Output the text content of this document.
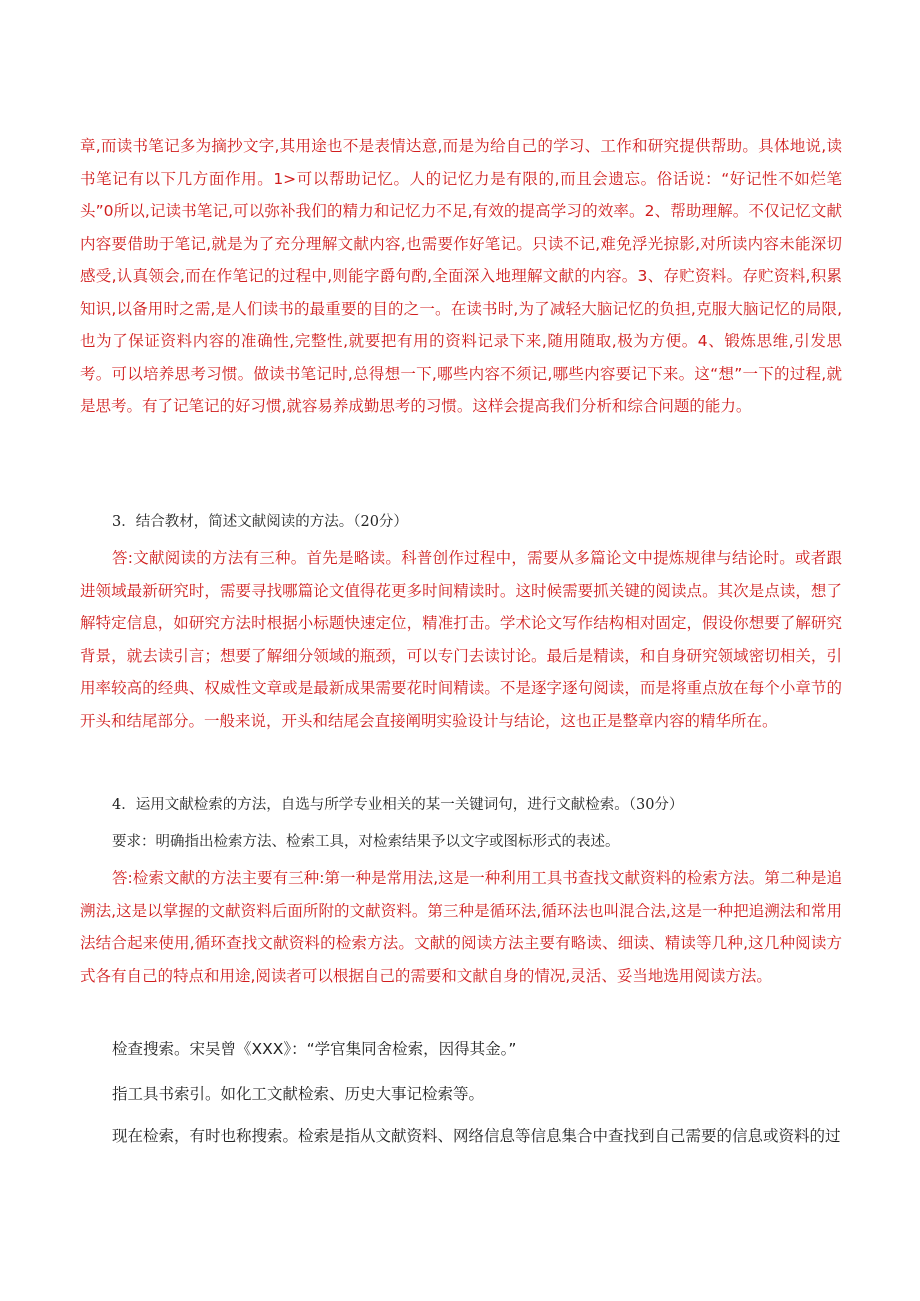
章,而读书笔记多为摘抄文字,其用途也不是表情达意,而是为给自己的学习、工作和研究提供帮助。具体地说,读书笔记有以下几方面作用。1>可以帮助记忆。人的记忆力是有限的,而且会遗忘。俗话说：“好记性不如烂笔头”0所以,记读书笔记,可以弥补我们的精力和记忆力不足,有效的提高学习的效率。2、帮助理解。不仅记忆文献内容要借助于笔记,就是为了充分理解文献内容,也需要作好笔记。只读不记,难免浮光掠影,对所读内容未能深切感受,认真领会,而在作笔记的过程中,则能字爵句酌,全面深入地理解文献的内容。3、存贮资料。存贮资料,积累知识,以备用时之需,是人们读书的最重要的目的之一。在读书时,为了减轻大脑记忆的负担,克服大脑记忆的局限,也为了保证资料内容的准确性,完整性,就要把有用的资料记录下来,随用随取,极为方便。4、锻炼思维,引发思考。可以培养思考习惯。做读书笔记时,总得想一下,哪些内容不须记,哪些内容要记下来。这“想”一下的过程,就是思考。有了记笔记的好习惯,就容易养成勤思考的习惯。这样会提高我们分析和综合问题的能力。

3．结合教材，简述文献阅读的方法。（20分）

答:文献阅读的方法有三种。首先是略读。科普创作过程中，需要从多篇论文中提炼规律与结论时。或者跟进领域最新研究时，需要寻找哪篇论文值得花更多时间精读时。这时候需要抓关键的阅读点。其次是点读，想了解特定信息，如研究方法时根据小标题快速定位，精准打击。学术论文写作结构相对固定，假设你想要了解研究背景，就去读引言；想要了解细分领域的瓶颈，可以专门去读讨论。最后是精读，和自身研究领域密切相关，引用率较高的经典、权威性文章或是最新成果需要花时间精读。不是逐字逐句阅读，而是将重点放在每个小章节的开头和结尾部分。一般来说，开头和结尾会直接阐明实验设计与结论，这也正是整章内容的精华所在。

4．运用文献检索的方法，自选与所学专业相关的某一关键词句，进行文献检索。（30分）

要求：明确指出检索方法、检索工具，对检索结果予以文字或图标形式的表述。

答:检索文献的方法主要有三种:第一种是常用法,这是一种利用工具书查找文献资料的检索方法。第二种是追溯法,这是以掌握的文献资料后面所附的文献资料。第三种是循环法,循环法也叫混合法,这是一种把追溯法和常用法结合起来使用,循环查找文献资料的检索方法。文献的阅读方法主要有略读、细读、精读等几种,这几种阅读方式各有自己的特点和用途,阅读者可以根据自己的需要和文献自身的情况,灵活、妥当地选用阅读方法。

检查搜索。宋吴曾《XXX》：“学官集同舍检索，因得其金。”

指工具书索引。如化工文献检索、历史大事记检索等。

现在检索，有时也称搜索。检索是指从文献资料、网络信息等信息集合中查找到自己需要的信息或资料的过
